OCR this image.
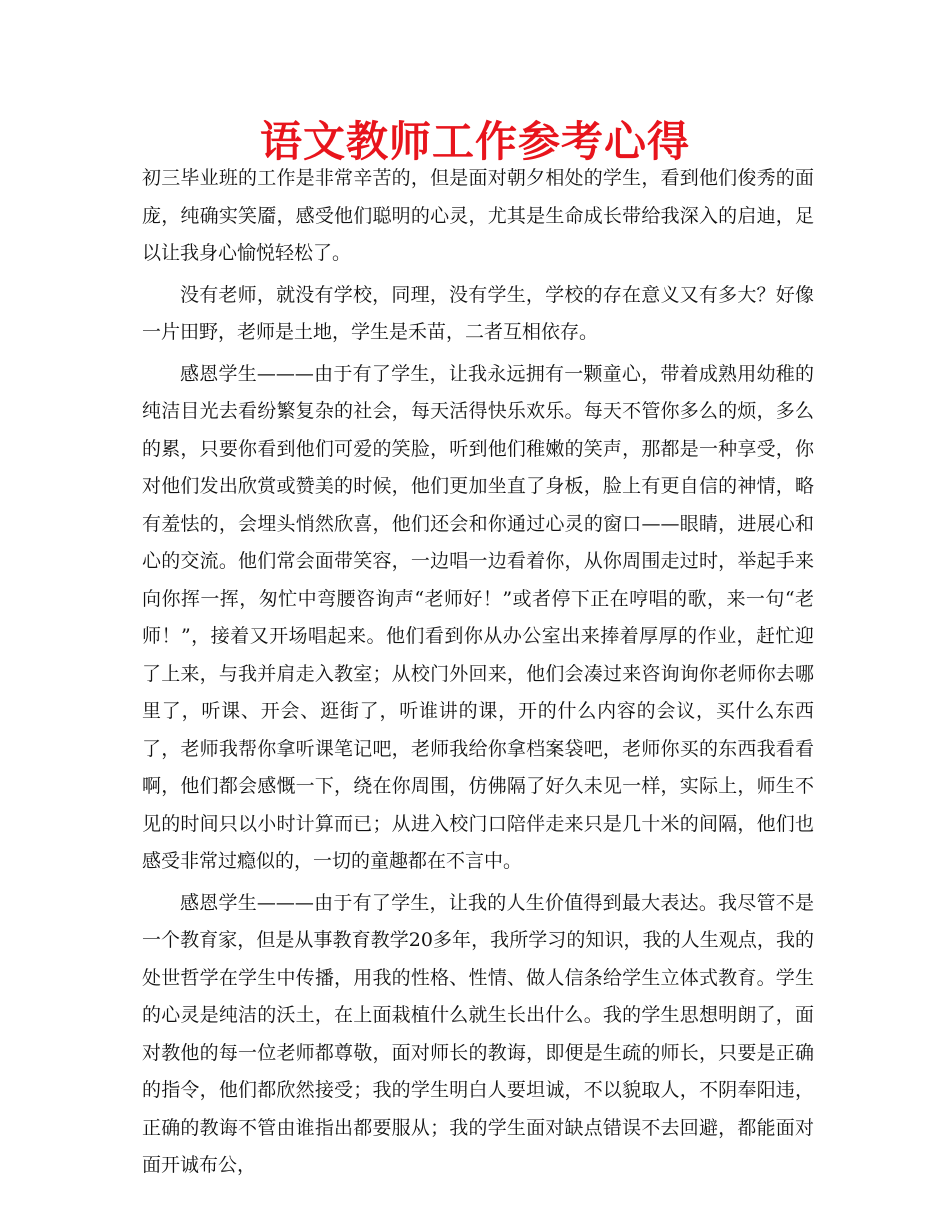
语文教师工作参考心得

初三毕业班的工作是非常辛苦的，但是面对朝夕相处的学生，看到他们俊秀的面庞，纯确实笑靥，感受他们聪明的心灵，尤其是生命成长带给我深入的启迪，足以让我身心愉悦轻松了。

没有老师，就没有学校，同理，没有学生，学校的存在意义又有多大？好像一片田野，老师是土地，学生是禾苗，二者互相依存。

感恩学生———由于有了学生，让我永远拥有一颗童心，带着成熟用幼稚的纯洁目光去看纷繁复杂的社会，每天活得快乐欢乐。每天不管你多么的烦，多么的累，只要你看到他们可爱的笑脸，听到他们稚嫩的笑声，那都是一种享受，你对他们发出欣赏或赞美的时候，他们更加坐直了身板，脸上有更自信的神情，略有羞怯的，会埋头悄然欣喜，他们还会和你通过心灵的窗口——眼睛，进展心和心的交流。他们常会面带笑容，一边唱一边看着你，从你周围走过时，举起手来向你挥一挥，匆忙中弯腰咨询声“老师好！”或者停下正在哼唱的歌，来一句“老师！”，接着又开场唱起来。他们看到你从办公室出来捧着厚厚的作业，赶忙迎了上来，与我并肩走入教室；从校门外回来，他们会凑过来咨询询你老师你去哪里了，听课、开会、逛街了，听谁讲的课，开的什么内容的会议，买什么东西了，老师我帮你拿听课笔记吧，老师我给你拿档案袋吧，老师你买的东西我看看啊，他们都会感慨一下，绕在你周围，仿佛隔了好久未见一样，实际上，师生不见的时间只以小时计算而已；从进入校门口陪伴走来只是几十米的间隔，他们也感受非常过瘾似的，一切的童趣都在不言中。

感恩学生———由于有了学生，让我的人生价值得到最大表达。我尽管不是一个教育家，但是从事教育教学20多年，我所学习的知识，我的人生观点，我的处世哲学在学生中传播，用我的性格、性情、做人信条给学生立体式教育。学生的心灵是纯洁的沃土，在上面栽植什么就生长出什么。我的学生思想明朗了，面对教他的每一位老师都尊敬，面对师长的教诲，即便是生疏的师长，只要是正确的指令，他们都欣然接受；我的学生明白人要坦诚，不以貌取人，不阴奉阳违，正确的教诲不管由谁指出都要服从；我的学生面对缺点错误不去回避，都能面对面开诚布公，
